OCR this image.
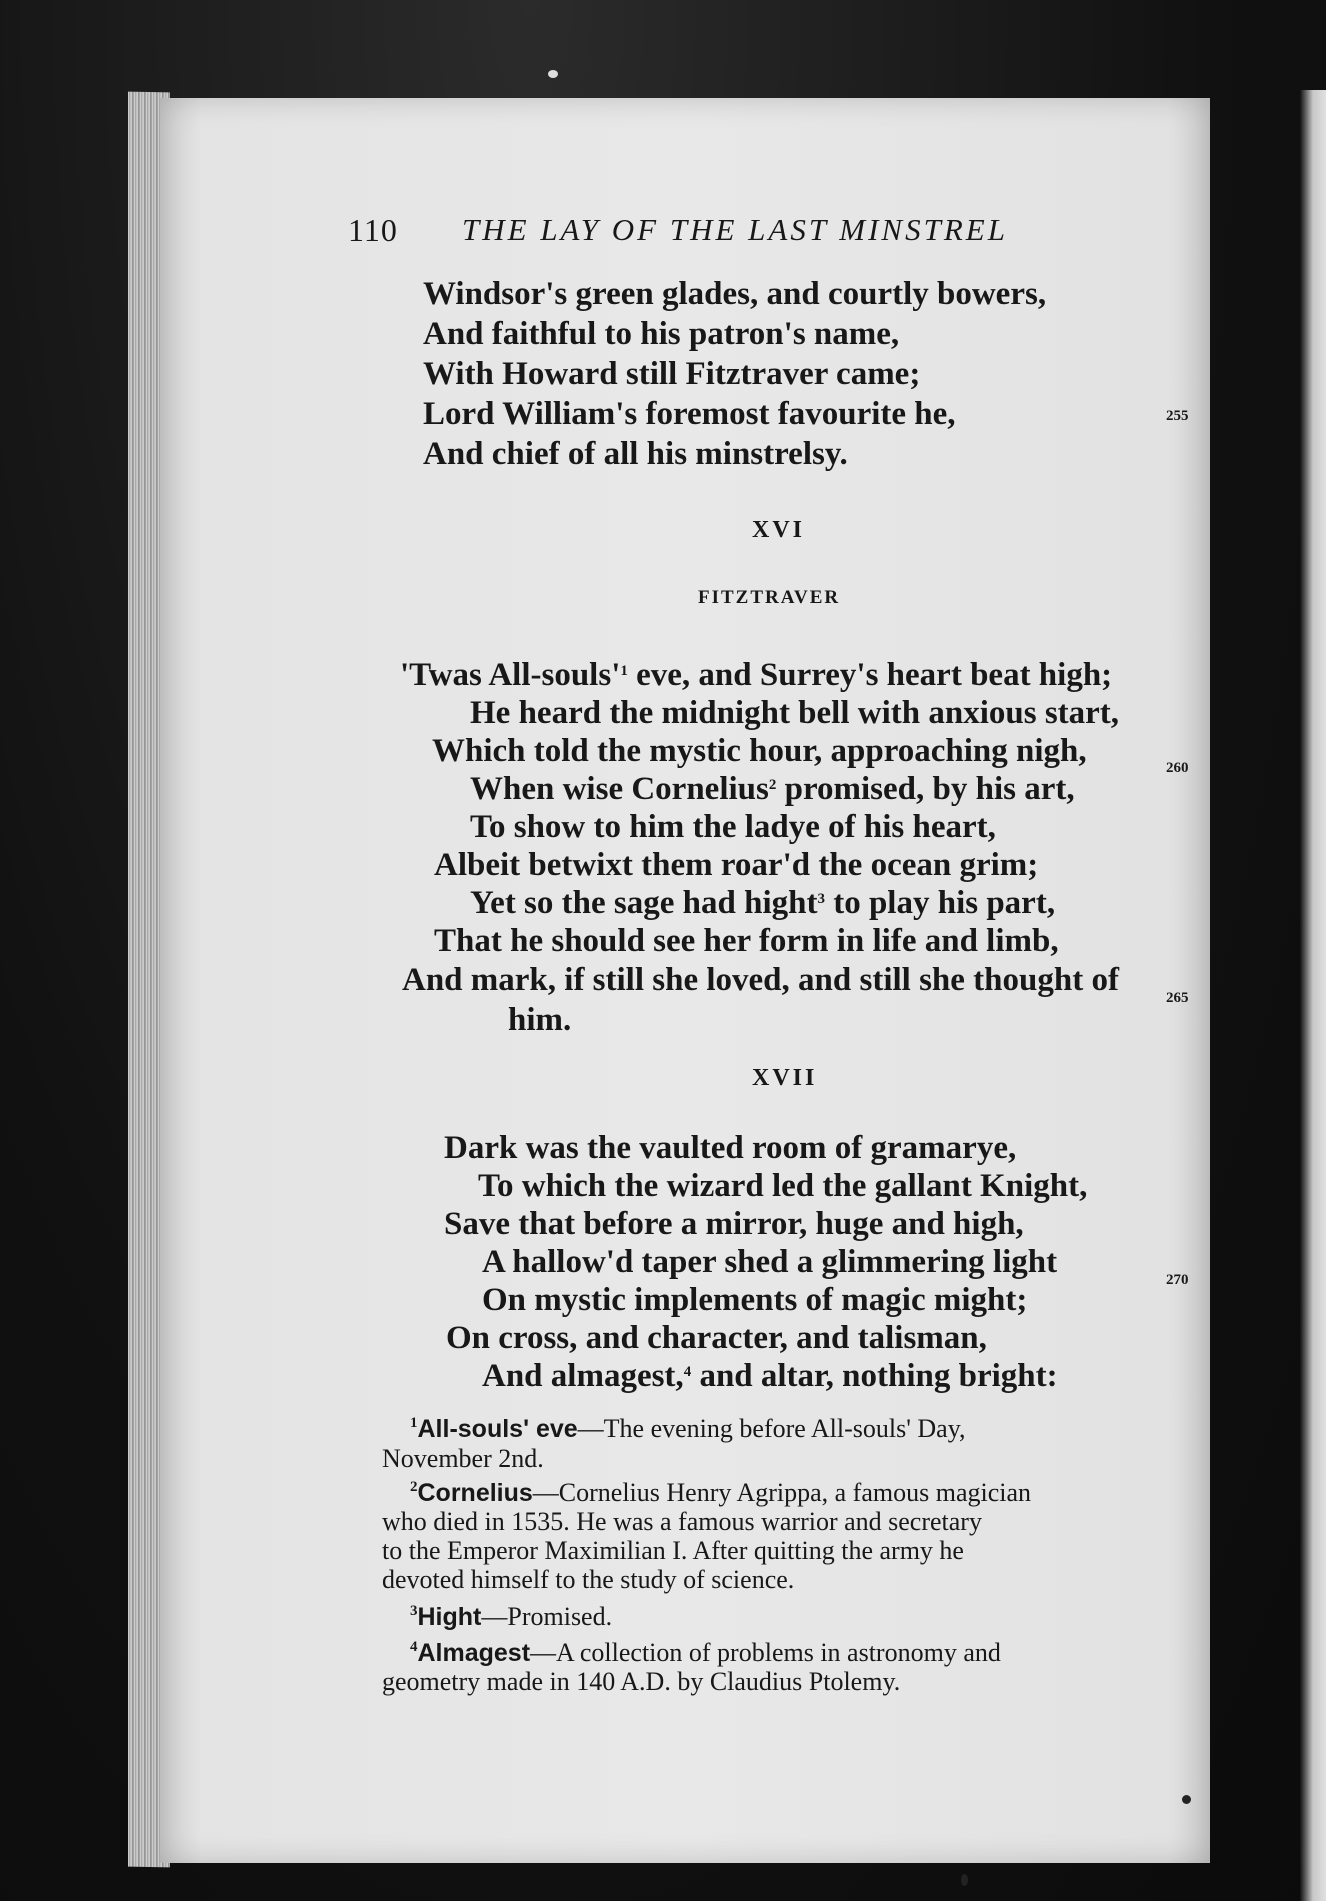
110 THE LAY OF THE LAST MINSTREL
Windsor's green glades, and courtly bowers,
And faithful to his patron's name,
With Howard still Fitztraver came;
Lord William's foremost favourite he,	255
And chief of all his minstrelsy.
XVI
FITZTRAVER
'Twas All-$souls'^1$ eve, and Surrey's heart beat high;
He heard the midnight bell with anxious start,
Which told the mystic hour, approaching nigh,
When wise Cornelius$^2$ promised, by his art,
260
To show to him the ladye of his heart,
Albeit betwixt them roar'd the ocean grim;
Yet so the sage had hight$^3$ to play his part,
That he should see her form in life and limb,
And mark, if still she loved, and still she thought of	265
him.
XVII
Dark was the vaulted room of gramarye,
To which the wizard led the gallant Knight,
Save that before a mirror, huge and high,
A hallow'd taper shed a glimmering light	270
On mystic implements of magic might;
On cross, and character, and talisman,
And almagest,$^4$ and altar, nothing bright:
$^1$All-souls' eve—The evening before All-souls' Day,
November 2nd.
$^2$Cornelius—Cornelius Henry Agrippa, a famous magician
who died in 1535. He was a famous warrior and secretary
to the Emperor Maximilian I. After quitting the army he
devoted himself to the study of science.
$^3$Hight—Promised.
$^4$Almagest—A collection of problems in astronomy and
geometry made in 140 A.D. by Claudius Ptolemy.
